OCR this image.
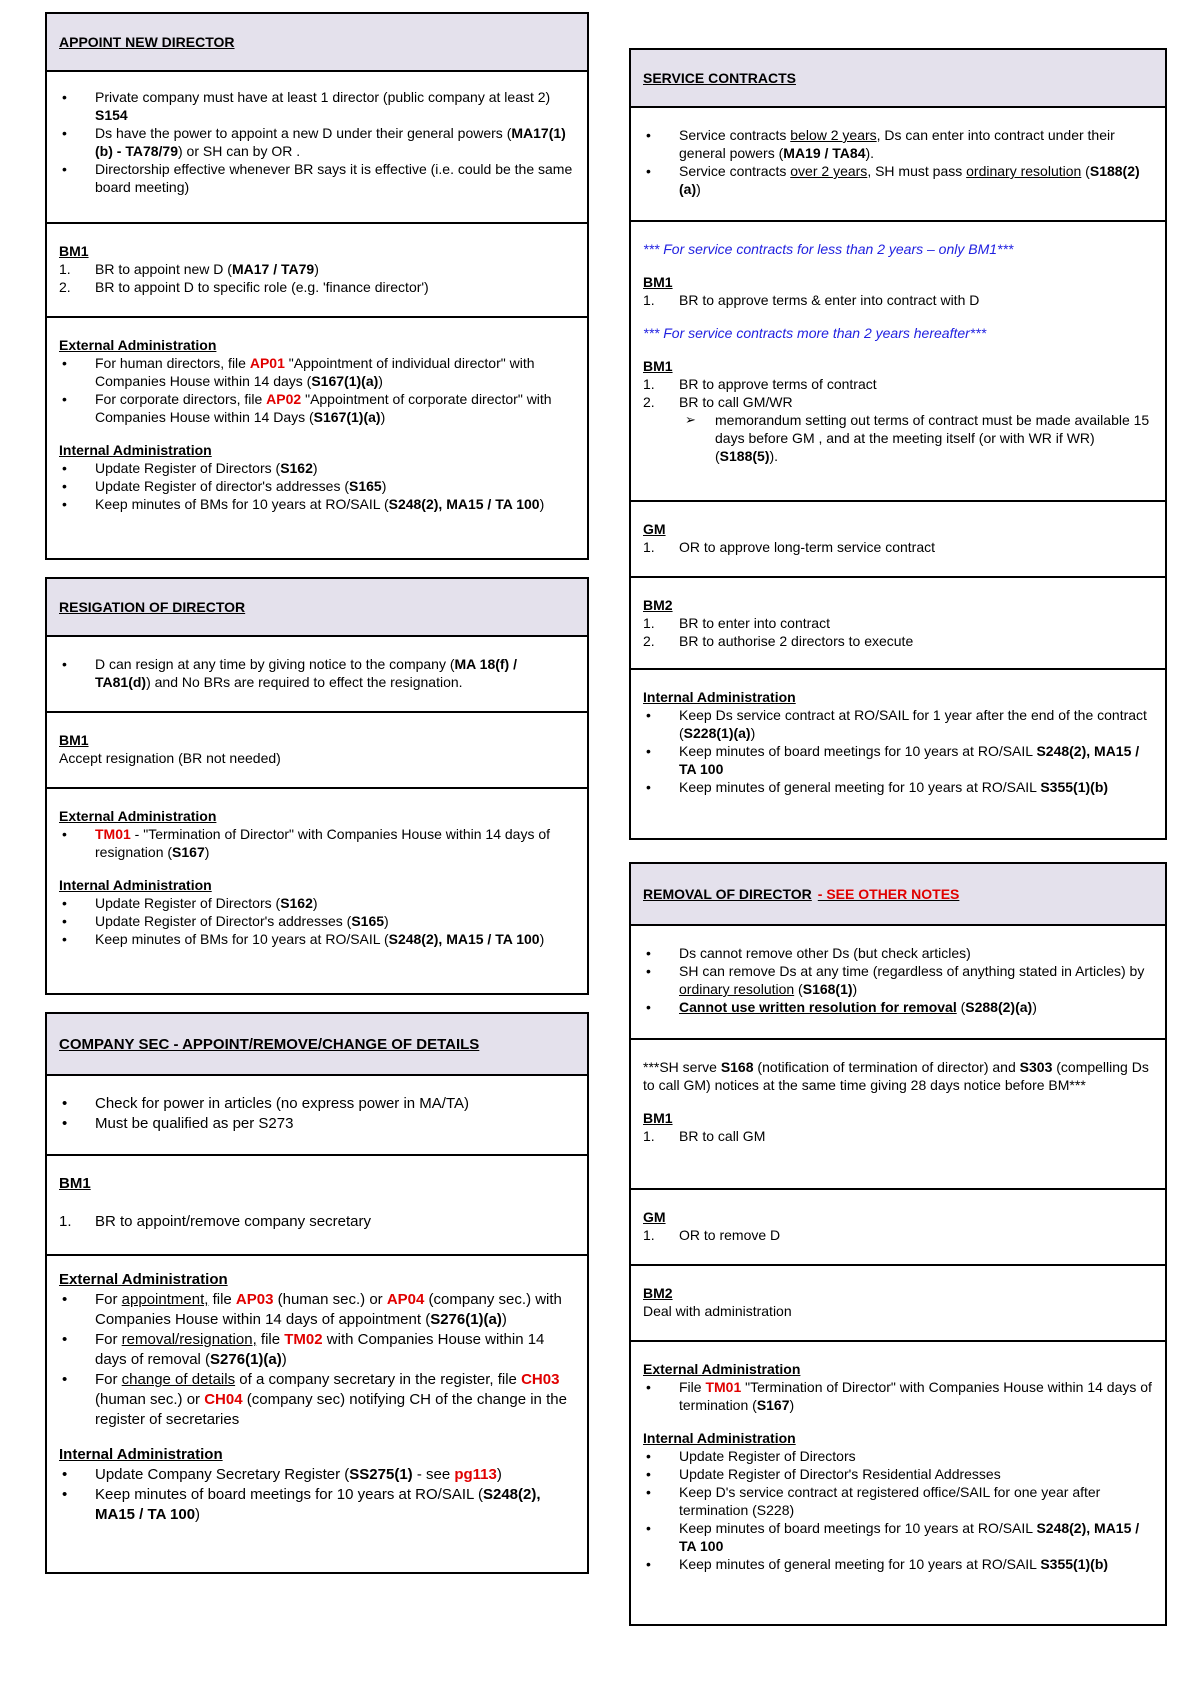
APPOINT NEW DIRECTOR
• Private company must have at least 1 director (public company at least 2) S154
• Ds have the power to appoint a new D under their general powers (MA17(1)(b) - TA78/79) or SH can by OR .
• Directorship effective whenever BR says it is effective (i.e. could be the same board meeting)
BM1
BR to appoint new D (MA17 / TA79)
BR to appoint D to specific role (e.g. 'finance director')
External Administration
• For human directors, file AP01 "Appointment of individual director" with Companies House within 14 days (S167(1)(a))
• For corporate directors, file AP02 "Appointment of corporate director" with Companies House within 14 Days (S167(1)(a))
Internal Administration
• Update Register of Directors (S162)
• Update Register of director's addresses (S165)
• Keep minutes of BMs for 10 years at RO/SAIL (S248(2), MA15 / TA 100)
RESIGATION OF DIRECTOR
• D can resign at any time by giving notice to the company (MA 18(f) / TA81(d)) and No BRs are required to effect the resignation.
BM1
Accept resignation (BR not needed)
External Administration
• TM01 - "Termination of Director" with Companies House within 14 days of resignation (S167)
Internal Administration
• Update Register of Directors (S162)
• Update Register of Director's addresses (S165)
• Keep minutes of BMs for 10 years at RO/SAIL (S248(2), MA15 / TA 100)
COMPANY SEC - APPOINT/REMOVE/CHANGE OF DETAILS
• Check for power in articles (no express power in MA/TA)
• Must be qualified as per S273
BM1
BR to appoint/remove company secretary
External Administration
• For appointment, file AP03 (human sec.) or AP04 (company sec.) with Companies House within 14 days of appointment (S276(1)(a))
• For removal/resignation, file TM02 with Companies House within 14 days of removal (S276(1)(a))
• For change of details of a company secretary in the register, file CH03 (human sec.) or CH04 (company sec) notifying CH of the change in the register of secretaries
Internal Administration
• Update Company Secretary Register (SS275(1) - see pg113)
• Keep minutes of board meetings for 10 years at RO/SAIL (S248(2), MA15 / TA 100)
SERVICE CONTRACTS
• Service contracts below 2 years, Ds can enter into contract under their general powers (MA19 / TA84).
• Service contracts over 2 years, SH must pass ordinary resolution (S188(2)(a))
*** For service contracts for less than 2 years – only BM1***
BM1
BR to approve terms & enter into contract with D
*** For service contracts more than 2 years hereafter***
BM1
BR to approve terms of contract
BR to call GM/WR
➢ memorandum setting out terms of contract must be made available 15 days before GM , and at the meeting itself (or with WR if WR) (S188(5)).
GM
OR to approve long-term service contract
BM2
BR to enter into contract
BR to authorise 2 directors to execute
Internal Administration
• Keep Ds service contract at RO/SAIL for 1 year after the end of the contract (S228(1)(a))
• Keep minutes of board meetings for 10 years at RO/SAIL S248(2), MA15 / TA 100
• Keep minutes of general meeting for 10 years at RO/SAIL S355(1)(b)
REMOVAL OF DIRECTOR - SEE OTHER NOTES
• Ds cannot remove other Ds (but check articles)
• SH can remove Ds at any time (regardless of anything stated in Articles) by ordinary resolution (S168(1))
• Cannot use written resolution for removal (S288(2)(a))
***SH serve S168 (notification of termination of director) and S303 (compelling Ds to call GM) notices at the same time giving 28 days notice before BM***
BM1
BR to call GM
GM
OR to remove D
BM2
Deal with administration
External Administration
• File TM01 "Termination of Director" with Companies House within 14 days of termination (S167)
Internal Administration
• Update Register of Directors
• Update Register of Director's Residential Addresses
• Keep D's service contract at registered office/SAIL for one year after termination (S228)
• Keep minutes of board meetings for 10 years at RO/SAIL S248(2), MA15 / TA 100
• Keep minutes of general meeting for 10 years at RO/SAIL S355(1)(b)
